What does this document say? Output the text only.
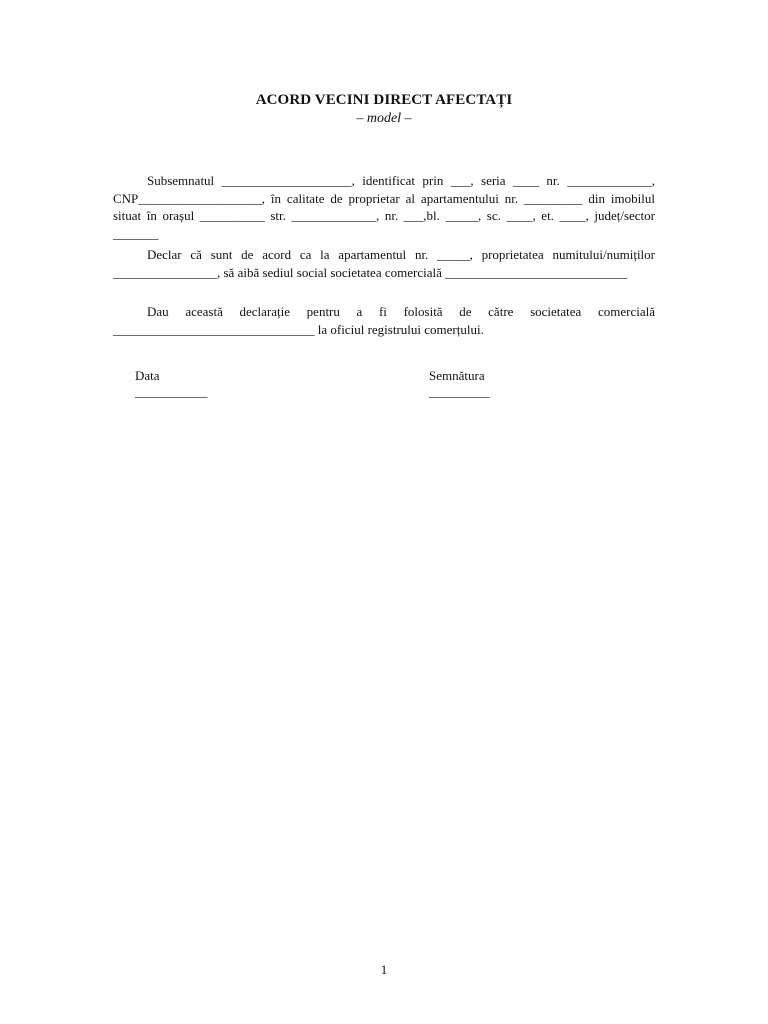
ACORD VECINI DIRECT AFECTAȚI
– model –

Subsemnatul ____________________, identificat prin ___, seria ____ nr. _____________, CNP___________________, în calitate de proprietar al apartamentului nr. _________ din imobilul situat în orașul __________ str. _____________, nr. ___,bl. _____, sc. ____, et. ____, județ/sector _______

Declar că sunt de acord ca la apartamentul nr. _____, proprietatea numitului/numiților ________________, să aibă sediul social societatea comercială ____________________________

Dau această declarație pentru a fi folosită de către societatea comercială _______________________________ la oficiul registrului comerțului.

Data
____________
Semnătura
__________
1
